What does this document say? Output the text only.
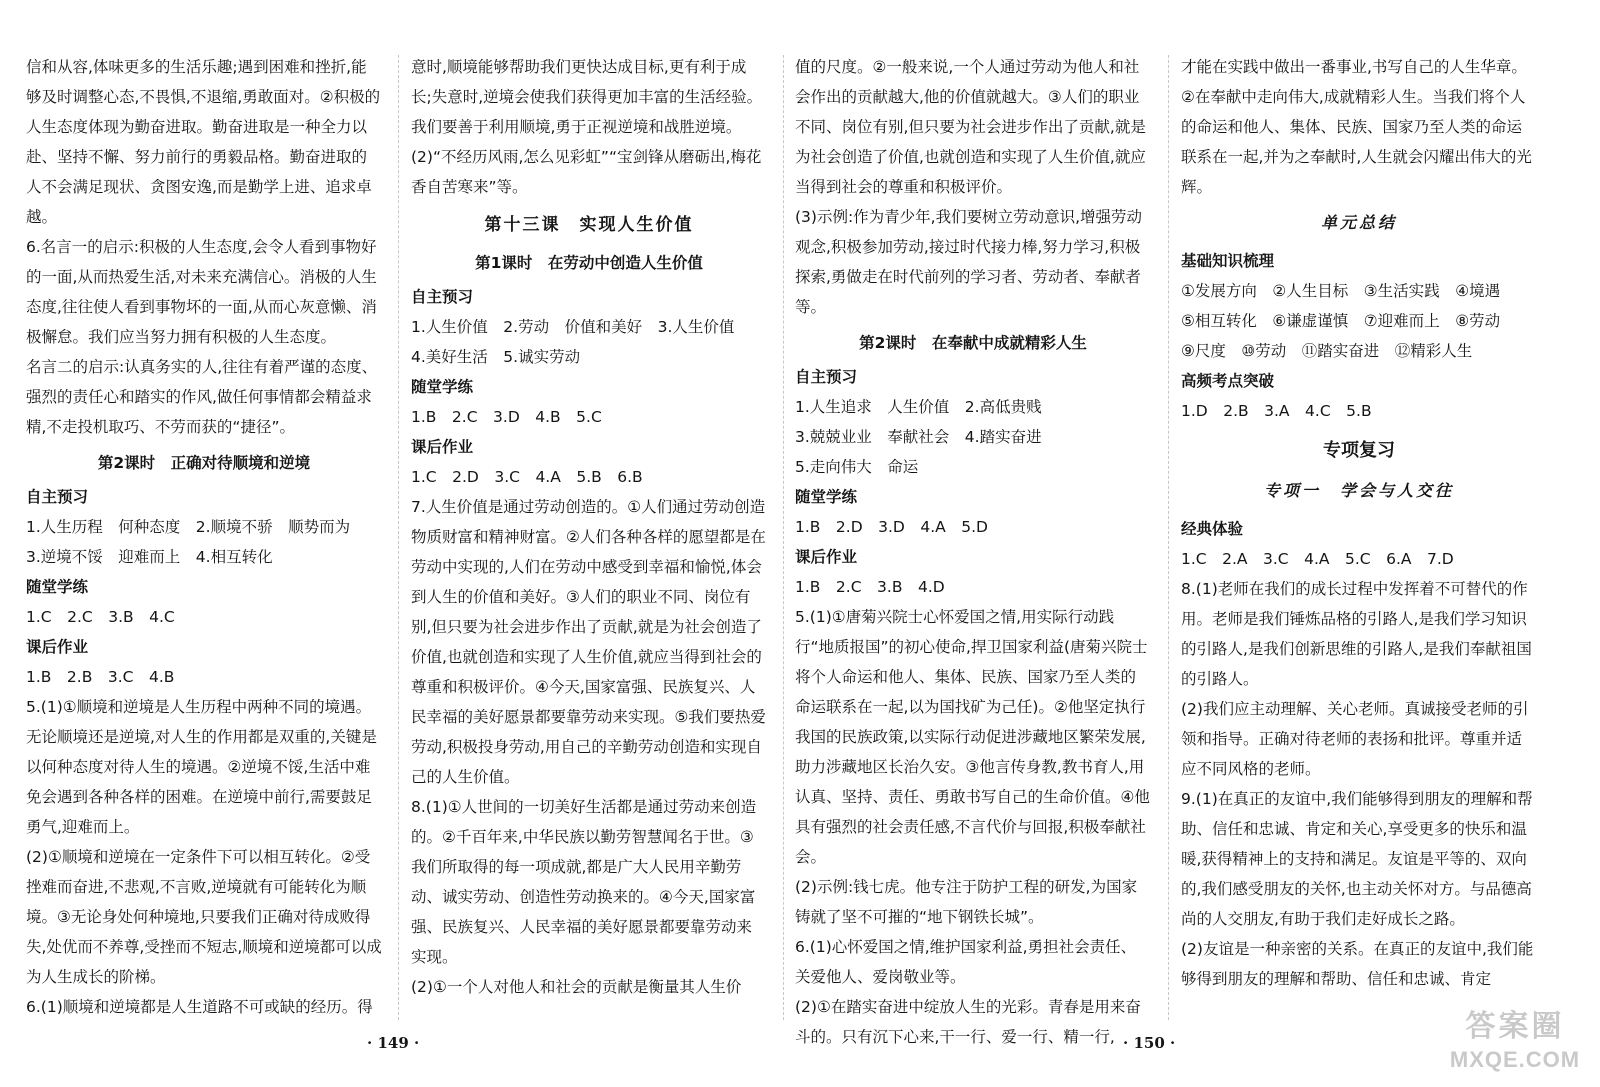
信和从容,体味更多的生活乐趣;遇到困难和挫折,能够及时调整心态,不畏惧,不退缩,勇敢面对。②积极的人生态度体现为勤奋进取。勤奋进取是一种全力以赴、坚持不懈、努力前行的勇毅品格。勤奋进取的人不会满足现状、贪图安逸,而是勤学上进、追求卓越。
6.名言一的启示:积极的人生态度,会令人看到事物好的一面,从而热爱生活,对未来充满信心。消极的人生态度,往往使人看到事物坏的一面,从而心灰意懒、消极懈怠。我们应当努力拥有积极的人生态度。
名言二的启示:认真务实的人,往往有着严谨的态度、强烈的责任心和踏实的作风,做任何事情都会精益求精,不走投机取巧、不劳而获的“捷径”。
第2课时　正确对待顺境和逆境
自主预习
1.人生历程　何种态度　2.顺境不骄　顺势而为
3.逆境不馁　迎难而上　4.相互转化
随堂学练
1.C　2.C　3.B　4.C
课后作业
1.B　2.B　3.C　4.B
5.(1)①顺境和逆境是人生历程中两种不同的境遇。无论顺境还是逆境,对人生的作用都是双重的,关键是以何种态度对待人生的境遇。②逆境不馁,生活中难免会遇到各种各样的困难。在逆境中前行,需要鼓足勇气,迎难而上。
(2)①顺境和逆境在一定条件下可以相互转化。②受挫难而奋进,不悲观,不言败,逆境就有可能转化为顺境。③无论身处何种境地,只要我们正确对待成败得失,处优而不养尊,受挫而不短志,顺境和逆境都可以成为人生成长的阶梯。
6.(1)顺境和逆境都是人生道路不可或缺的经历。得
意时,顺境能够帮助我们更快达成目标,更有利于成长;失意时,逆境会使我们获得更加丰富的生活经验。我们要善于利用顺境,勇于正视逆境和战胜逆境。
(2)“不经历风雨,怎么见彩虹”“宝剑锋从磨砺出,梅花香自苦寒来”等。
第十三课　实现人生价值
第1课时　在劳动中创造人生价值
自主预习
1.人生价值　2.劳动　价值和美好　3.人生价值
4.美好生活　5.诚实劳动
随堂学练
1.B　2.C　3.D　4.B　5.C
课后作业
1.C　2.D　3.C　4.A　5.B　6.B
7.人生价值是通过劳动创造的。①人们通过劳动创造物质财富和精神财富。②人们各种各样的愿望都是在劳动中实现的,人们在劳动中感受到幸福和愉悦,体会到人生的价值和美好。③人们的职业不同、岗位有别,但只要为社会进步作出了贡献,就是为社会创造了价值,也就创造和实现了人生价值,就应当得到社会的尊重和积极评价。④今天,国家富强、民族复兴、人民幸福的美好愿景都要靠劳动来实现。⑤我们要热爱劳动,积极投身劳动,用自己的辛勤劳动创造和实现自己的人生价值。
8.(1)①人世间的一切美好生活都是通过劳动来创造的。②千百年来,中华民族以勤劳智慧闻名于世。③我们所取得的每一项成就,都是广大人民用辛勤劳动、诚实劳动、创造性劳动换来的。④今天,国家富强、民族复兴、人民幸福的美好愿景都要靠劳动来实现。
(2)①一个人对他人和社会的贡献是衡量其人生价
值的尺度。②一般来说,一个人通过劳动为他人和社会作出的贡献越大,他的价值就越大。③人们的职业不同、岗位有别,但只要为社会进步作出了贡献,就是为社会创造了价值,也就创造和实现了人生价值,就应当得到社会的尊重和积极评价。
(3)示例:作为青少年,我们要树立劳动意识,增强劳动观念,积极参加劳动,接过时代接力棒,努力学习,积极探索,勇做走在时代前列的学习者、劳动者、奉献者等。
第2课时　在奉献中成就精彩人生
自主预习
1.人生追求　人生价值　2.高低贵贱
3.兢兢业业　奉献社会　4.踏实奋进
5.走向伟大　命运
随堂学练
1.B　2.D　3.D　4.A　5.D
课后作业
1.B　2.C　3.B　4.D
5.(1)①唐菊兴院士心怀爱国之情,用实际行动践行“地质报国”的初心使命,捍卫国家利益(唐菊兴院士将个人命运和他人、集体、民族、国家乃至人类的命运联系在一起,以为国找矿为己任)。②他坚定执行我国的民族政策,以实际行动促进涉藏地区繁荣发展,助力涉藏地区长治久安。③他言传身教,教书育人,用认真、坚持、责任、勇敢书写自己的生命价值。④他具有强烈的社会责任感,不言代价与回报,积极奉献社会。
(2)示例:钱七虎。他专注于防护工程的研发,为国家铸就了坚不可摧的“地下钢铁长城”。
6.(1)心怀爱国之情,维护国家利益,勇担社会责任、关爱他人、爱岗敬业等。
(2)①在踏实奋进中绽放人生的光彩。青春是用来奋斗的。只有沉下心来,干一行、爱一行、精一行,
才能在实践中做出一番事业,书写自己的人生华章。②在奉献中走向伟大,成就精彩人生。当我们将个人的命运和他人、集体、民族、国家乃至人类的命运联系在一起,并为之奉献时,人生就会闪耀出伟大的光辉。
单元总结
基础知识梳理
①发展方向　②人生目标　③生活实践　④境遇
⑤相互转化　⑥谦虚谨慎　⑦迎难而上　⑧劳动
⑨尺度　⑩劳动　⑪踏实奋进　⑫精彩人生
高频考点突破
1.D　2.B　3.A　4.C　5.B
专项复习
专项一　学会与人交往
经典体验
1.C　2.A　3.C　4.A　5.C　6.A　7.D
8.(1)老师在我们的成长过程中发挥着不可替代的作用。老师是我们锤炼品格的引路人,是我们学习知识的引路人,是我们创新思维的引路人,是我们奉献祖国的引路人。
(2)我们应主动理解、关心老师。真诚接受老师的引领和指导。正确对待老师的表扬和批评。尊重并适应不同风格的老师。
9.(1)在真正的友谊中,我们能够得到朋友的理解和帮助、信任和忠诚、肯定和关心,享受更多的快乐和温暖,获得精神上的支持和满足。友谊是平等的、双向的,我们感受朋友的关怀,也主动关怀对方。与品德高尚的人交朋友,有助于我们走好成长之路。
(2)友谊是一种亲密的关系。在真正的友谊中,我们能够得到朋友的理解和帮助、信任和忠诚、肯定
· 149 ·	· 150 ·	答案圈
MXQE.COM
